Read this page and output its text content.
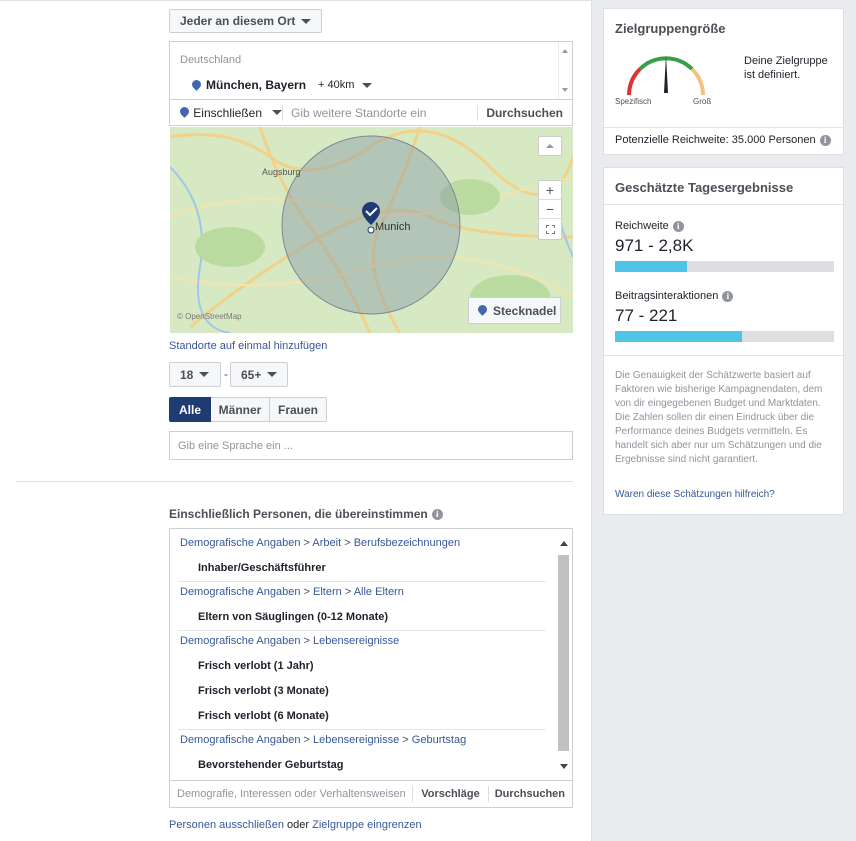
Jeder an diesem Ort
Deutschland
München, Bayern + 40km
Einschließen	Gib weitere Standorte ein	Durchsuchen
Munich
Augsburg
© OpenStreetMap
+
−
Stecknadel
Standorte auf einmal hinzufügen
18	- 65+
Alle	Männer	Frauen
Gib eine Sprache ein ...
Einschließlich Personen, die übereinstimmen i
Demografische Angaben > Arbeit > Berufsbezeichnungen
Inhaber/Geschäftsführer
Demografische Angaben > Eltern > Alle Eltern
Eltern von Säuglingen (0-12 Monate)
Demografische Angaben > Lebensereignisse
Frisch verlobt (1 Jahr)
Frisch verlobt (3 Monate)
Frisch verlobt (6 Monate)
Demografische Angaben > Lebensereignisse > Geburtstag
Bevorstehender Geburtstag
Demografie, Interessen oder Verhaltensweisen	Vorschläge	Durchsuchen
Personen ausschließen oder Zielgruppe eingrenzen
Zielgruppengröße
Spezifisch	Groß
Deine Zielgruppe ist definiert.
Potenzielle Reichweite: 35.000 Personen i
Geschätzte Tagesergebnisse
Reichweite i
971 - 2,8K
Beitragsinteraktionen i
77 - 221
Die Genauigkeit der Schätzwerte basiert auf Faktoren wie bisherige Kampagnendaten, dem von dir eingegebenen Budget und Marktdaten. Die Zahlen sollen dir einen Eindruck über die Performance deines Budgets vermitteln. Es handelt sich aber nur um Schätzungen und die Ergebnisse sind nicht garantiert.
Waren diese Schätzungen hilfreich?
